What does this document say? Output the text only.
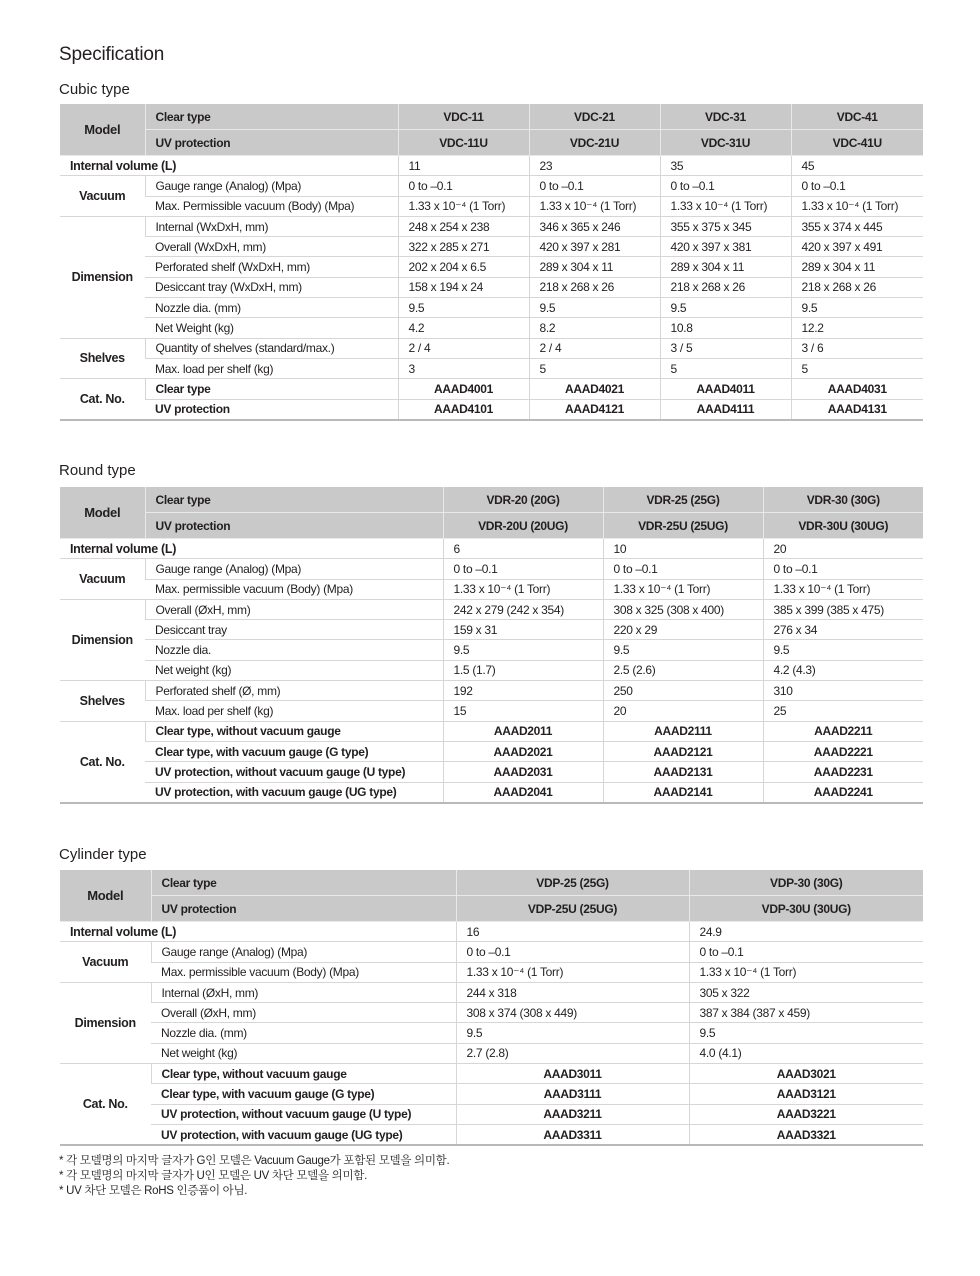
Specification
Cubic type
Model	Clear type	VDC-11	VDC-21	VDC-31	VDC-41
	UV protection	VDC-11U	VDC-21U	VDC-31U	VDC-41U
Internal volume (L)		11	23	35	45
Vacuum	Gauge range (Analog) (Mpa)	0 to –0.1	0 to –0.1	0 to –0.1	0 to –0.1
	Max. Permissible vacuum (Body) (Mpa)	1.33 x 10⁻⁴ (1 Torr)	1.33 x 10⁻⁴ (1 Torr)	1.33 x 10⁻⁴ (1 Torr)	1.33 x 10⁻⁴ (1 Torr)
Dimension	Internal (WxDxH, mm)	248 x 254 x 238	346 x 365 x 246	355 x 375 x 345	355 x 374 x 445
	Overall (WxDxH, mm)	322 x 285 x 271	420 x 397 x 281	420 x 397 x 381	420 x 397 x 491
	Perforated shelf (WxDxH, mm)	202 x 204 x 6.5	289 x 304 x 11	289 x 304 x 11	289 x 304 x 11
	Desiccant tray (WxDxH, mm)	158 x 194 x 24	218 x 268 x 26	218 x 268 x 26	218 x 268 x 26
	Nozzle dia. (mm)	9.5	9.5	9.5	9.5
	Net Weight (kg)	4.2	8.2	10.8	12.2
Shelves	Quantity of shelves (standard/max.)	2 / 4	2 / 4	3 / 5	3 / 6
	Max. load per shelf (kg)	3	5	5	5
Cat. No.	Clear type	AAAD4001	AAAD4021	AAAD4011	AAAD4031
	UV protection	AAAD4101	AAAD4121	AAAD4111	AAAD4131
Round type
Model	Clear type	VDR-20 (20G)	VDR-25 (25G)	VDR-30 (30G)
	UV protection	VDR-20U (20UG)	VDR-25U (25UG)	VDR-30U (30UG)
Internal volume (L)		6	10	20
Vacuum	Gauge range (Analog) (Mpa)	0 to –0.1	0 to –0.1	0 to –0.1
	Max. permissible vacuum (Body) (Mpa)	1.33 x 10⁻⁴ (1 Torr)	1.33 x 10⁻⁴ (1 Torr)	1.33 x 10⁻⁴ (1 Torr)
Dimension	Overall (ØxH, mm)	242 x 279 (242 x 354)	308 x 325 (308 x 400)	385 x 399 (385 x 475)
	Desiccant tray	159 x 31	220 x 29	276 x 34
	Nozzle dia.	9.5	9.5	9.5
	Net weight (kg)	1.5 (1.7)	2.5 (2.6)	4.2 (4.3)
Shelves	Perforated shelf (Ø, mm)	192	250	310
	Max. load per shelf (kg)	15	20	25
Cat. No.	Clear type, without vacuum gauge	AAAD2011	AAAD2111	AAAD2211
	Clear type, with vacuum gauge (G type)	AAAD2021	AAAD2121	AAAD2221
	UV protection, without vacuum gauge (U type)	AAAD2031	AAAD2131	AAAD2231
	UV protection, with vacuum gauge (UG type)	AAAD2041	AAAD2141	AAAD2241
Cylinder type
Model	Clear type	VDP-25 (25G)	VDP-30 (30G)
	UV protection	VDP-25U (25UG)	VDP-30U (30UG)
Internal volume (L)		16	24.9
Vacuum	Gauge range (Analog) (Mpa)	0 to –0.1	0 to –0.1
	Max. permissible vacuum (Body) (Mpa)	1.33 x 10⁻⁴ (1 Torr)	1.33 x 10⁻⁴ (1 Torr)
Dimension	Internal (ØxH, mm)	244 x 318	305 x 322
	Overall (ØxH, mm)	308 x 374 (308 x 449)	387 x 384 (387 x 459)
	Nozzle dia. (mm)	9.5	9.5
	Net weight (kg)	2.7 (2.8)	4.0 (4.1)
Cat. No.	Clear type, without vacuum gauge	AAAD3011	AAAD3021
	Clear type, with vacuum gauge (G type)	AAAD3111	AAAD3121
	UV protection, without vacuum gauge (U type)	AAAD3211	AAAD3221
	UV protection, with vacuum gauge (UG type)	AAAD3311	AAAD3321
* 각 모델명의 마지막 글자가 G인 모델은 Vacuum Gauge가 포함된 모델을 의미함.
* 각 모델명의 마지막 글자가 U인 모델은 UV 차단 모델을 의미함.
* UV 차단 모델은 RoHS 인증품이 아님.
